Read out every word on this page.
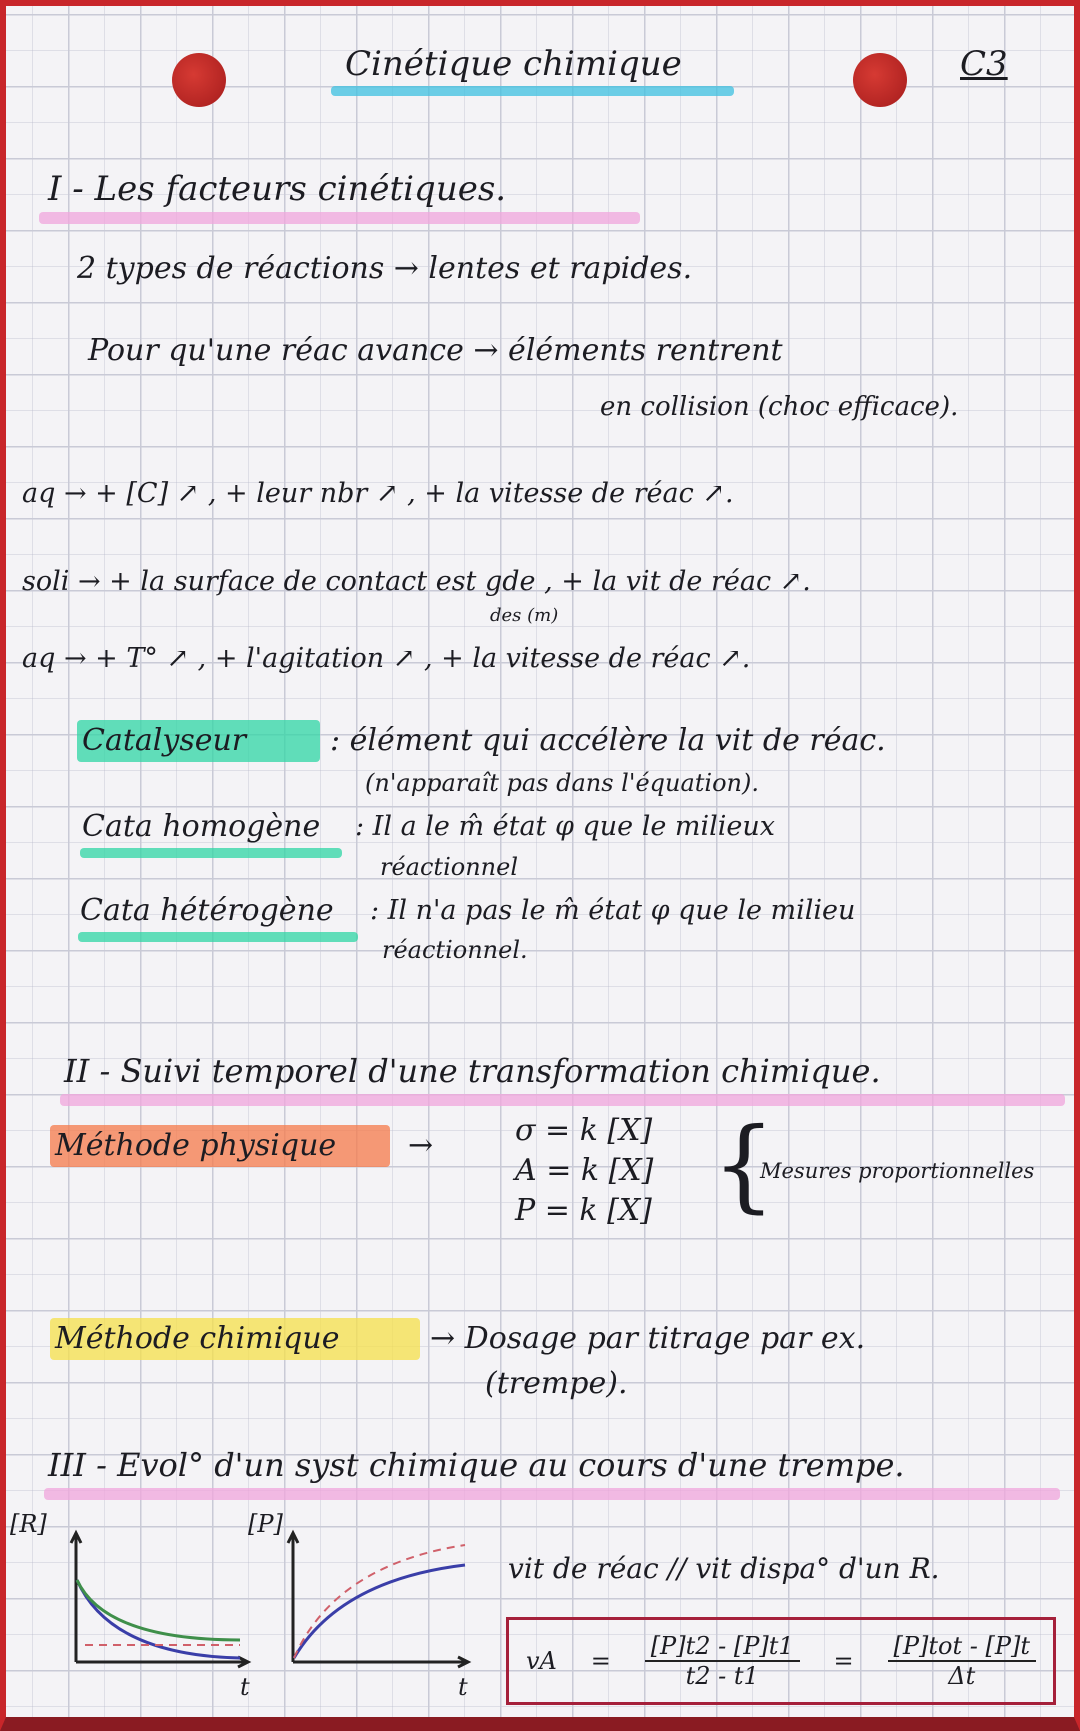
Cinétique chimique	C3
I - Les facteurs cinétiques.
2 types de réactions → lentes et rapides.
Pour qu'une réac avance → éléments rentrent
en collision (choc efficace).
aq → + [C] ↗ , + leur nbr ↗ , + la vitesse de réac ↗.
soli → + la surface de contact est gde , + la vit de réac ↗.
des (m)
aq → + T° ↗ , + l'agitation ↗ , + la vitesse de réac ↗.
Catalyseur	: élément qui accélère la vit de réac.
(n'apparaît pas dans l'équation).
Cata homogène : Il a le m̂ état φ que le milieux
réactionnel
Cata hétérogène : Il n'a pas le m̂ état φ que le milieu
réactionnel.
II - Suivi temporel d'une transformation chimique.
Méthode physique →	σ = k [X]
A = k [X]
P = k [X] {
Mesures proportionnelles
Méthode chimique	→ Dosage par titrage par ex.
(trempe).
III - Evol° d'un syst chimique au cours d'une trempe.
[R]
t
[P]
t
vit de réac // vit dispa° d'un R.
vA = $\frac{[P]t2 - [P]t1}{t2 - t1} = \frac{\text{[P]tot - [P]t}}{\Delta t}$
